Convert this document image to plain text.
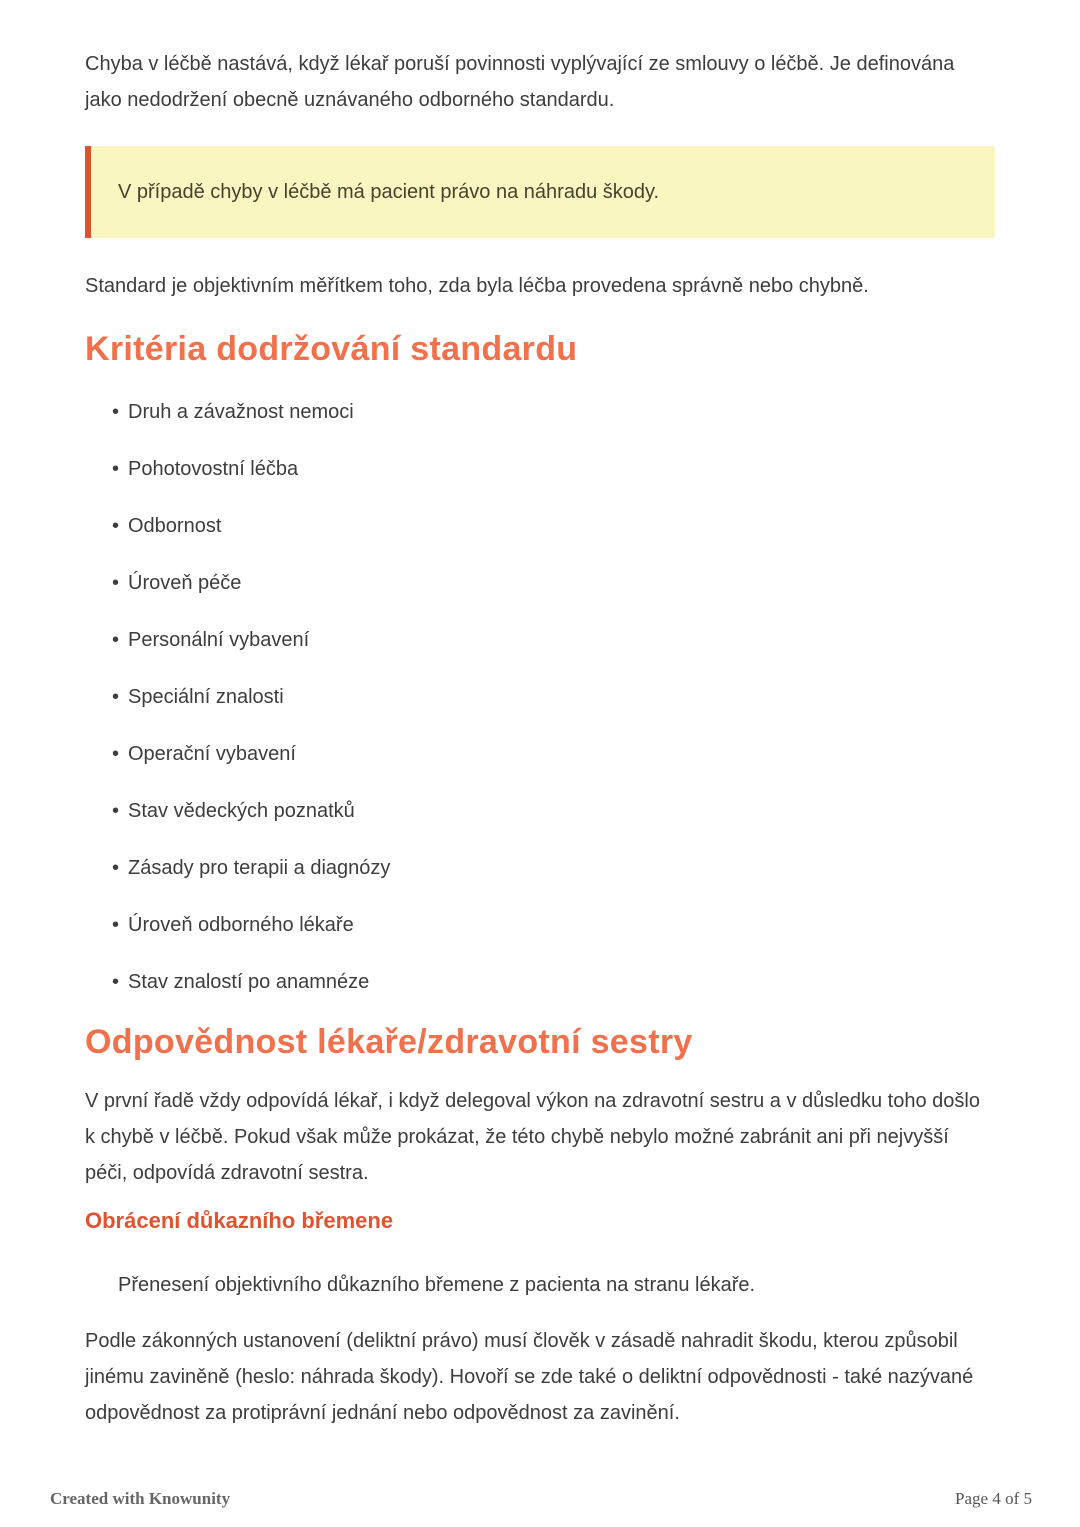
Chyba v léčbě nastává, když lékař poruší povinnosti vyplývající ze smlouvy o léčbě. Je definována jako nedodržení obecně uznávaného odborného standardu.

V případě chyby v léčbě má pacient právo na náhradu škody.

Standard je objektivním měřítkem toho, zda byla léčba provedena správně nebo chybně.

Kritéria dodržování standardu
• Druh a závažnost nemoci
• Pohotovostní léčba
• Odbornost
• Úroveň péče
• Personální vybavení
• Speciální znalosti
• Operační vybavení
• Stav vědeckých poznatků
• Zásady pro terapii a diagnózy
• Úroveň odborného lékaře
• Stav znalostí po anamnéze
Odpovědnost lékaře/zdravotní sestry

V první řadě vždy odpovídá lékař, i když delegoval výkon na zdravotní sestru a v důsledku toho došlo k chybě v léčbě. Pokud však může prokázat, že této chybě nebylo možné zabránit ani při nejvyšší péči, odpovídá zdravotní sestra.

Obrácení důkazního břemene

Přenesení objektivního důkazního břemene z pacienta na stranu lékaře.

Podle zákonných ustanovení (deliktní právo) musí člověk v zásadě nahradit škodu, kterou způsobil jinému zaviněně (heslo: náhrada škody). Hovoří se zde také o deliktní odpovědnosti - také nazývané odpovědnost za protiprávní jednání nebo odpovědnost za zavinění.

Created with Knowunity	Page 4 of 5
